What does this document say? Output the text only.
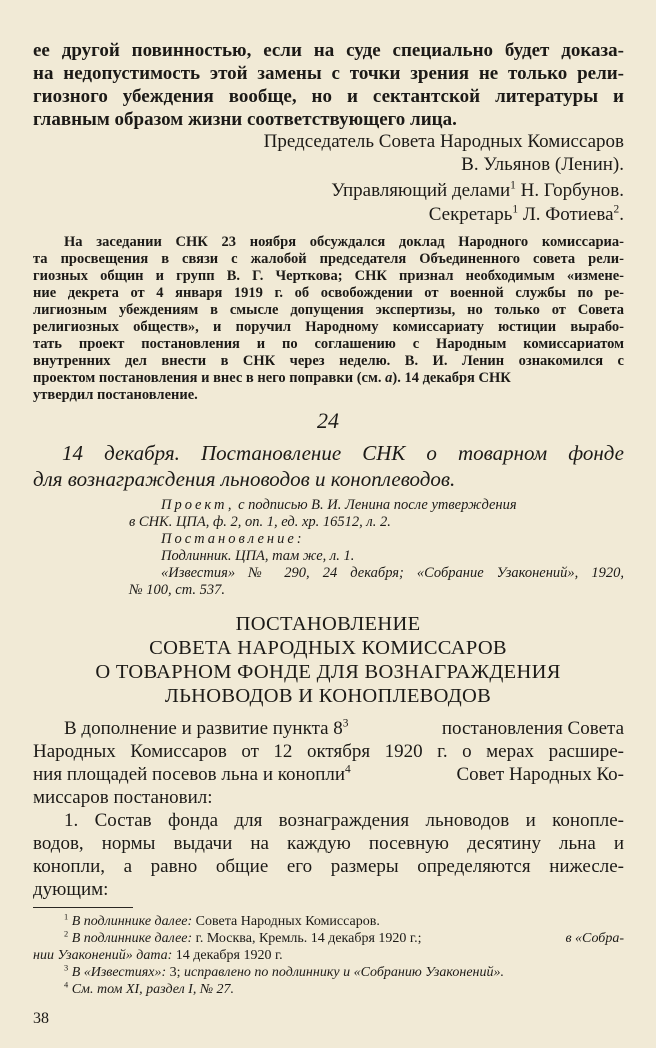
ее другой повинностью, если на суде специально будет доказа-

на недопустимость этой замены с точки зрения не только рели-

гиозного убеждения вообще, но и сектантской литературы и

главным образом жизни соответствующего лица.

Председатель Совета Народных Комиссаров

В. Ульянов (Ленин).

Управляющий делами$^1$ Н. Горбунов.

Секретарь$^1$ Л. Фотиева$^2$.

На заседании СНК 23 ноября обсуждался доклад Народного комиссариа-

та просвещения в связи с жалобой председателя Объединенного совета рели-

гиозных общин и групп В. Г. Черткова; СНК признал необходимым «измене-

ние декрета от 4 января 1919 г. об освобождении от военной службы по ре-

лигиозным убеждениям в смысле допущения экспертизы, но только от Совета

религиозных обществ», и поручил Народному комиссариату юстиции вырабо-

тать проект постановления и по соглашению с Народным комиссариатом

внутренних дел внести в СНК через неделю. В. И. Ленин ознакомился с

проектом постановления и внес в него поправки (см. а). 14 декабря СНК

утвердил постановление.

24

14 декабря. Постановление СНК о товарном фонде

для вознаграждения льноводов и коноплеводов.

Проект, с подписью В. И. Ленина после утверждения

в СНК. ЦПА, ф. 2, оп. 1, ед. хр. 16512, л. 2.

Постановление:

Подлинник. ЦПА, там же, л. 1.

«Известия» № 290, 24 декабря; «Собрание Узаконений», 1920,

№ 100, ст. 537.

ПОСТАНОВЛЕНИЕ

СОВЕТА НАРОДНЫХ КОМИССАРОВ

О ТОВАРНОМ ФОНДЕ ДЛЯ ВОЗНАГРАЖДЕНИЯ

ЛЬНОВОДОВ И КОНОПЛЕВОДОВ

В дополнение и развитие пункта $8^3$	постановления Совета

Народных Комиссаров от 12 октября 1920 г. о мерах расшире-

ния площадей посевов льна и конопли$^4$	Совет Народных Ко-

миссаров постановил:

1. Состав фонда для вознаграждения льноводов и коноплe-

водов, нормы выдачи на каждую посевную десятину льна и

конопли, а равно общие его размеры определяются нижесле-

дующим:

$^1$ В подлиннике далее: Совета Народных Комиссаров.

$^2$ В подлиннике далее: г. Москва, Кремль. 14 декабря 1920 г.;	в «Собра-

нии Узаконений» дата: 14 декабря 1920 г.

$^3$ В «Известиях»: 3; исправлено по подлиннику и «Собранию Узаконений».

$^4$ См. том XI, раздел I, № 27.

38
